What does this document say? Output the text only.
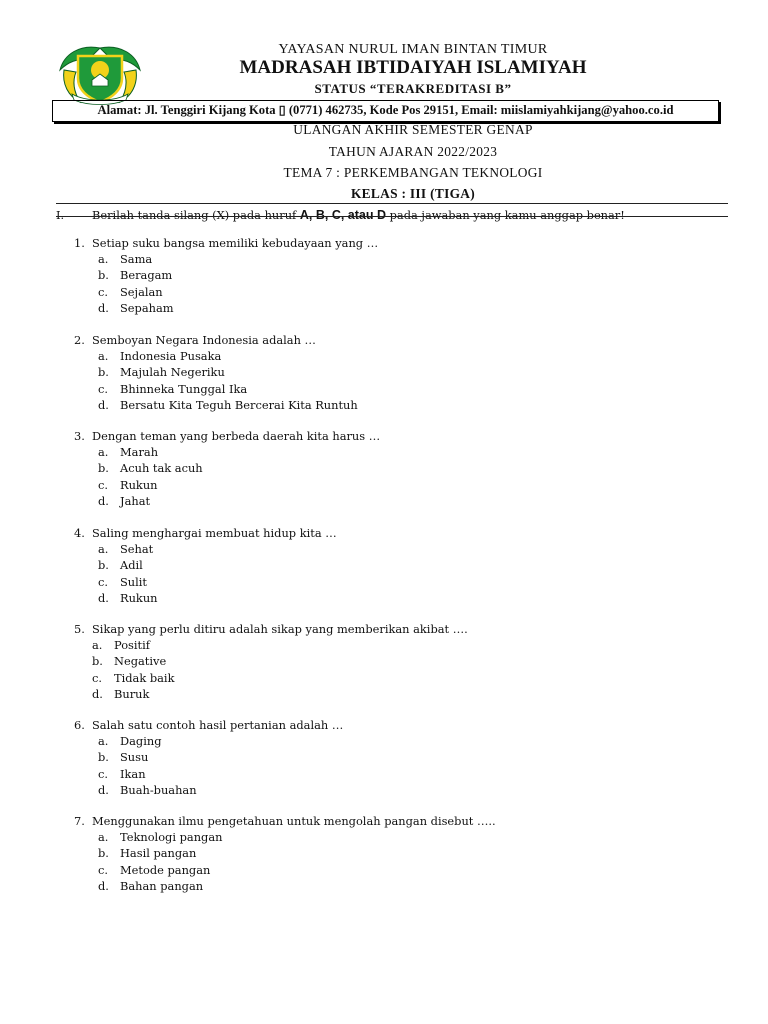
YAYASAN NURUL IMAN BINTAN TIMUR
MADRASAH IBTIDAIYAH ISLAMIYAH
STATUS “TERAKREDITASI B”
Alamat: Jl. Tenggiri Kijang Kota ▯ (0771) 462735, Kode Pos 29151, Email: miislamiyahkijang@yahoo.co.id
ULANGAN AKHIR SEMESTER GENAP
TAHUN AJARAN 2022/2023
TEMA 7 : PERKEMBANGAN TEKNOLOGI
KELAS : III (TIGA)
I. Berilah tanda silang (X) pada huruf A, B, C, atau D pada jawaban yang kamu anggap benar!
1. Setiap suku bangsa memiliki kebudayaan yang …
a.	Sama
b. Beragam
c.	Sejalan
d. Sepaham
2. Semboyan Negara Indonesia adalah …
a.	Indonesia Pusaka
b. Majulah Negeriku
c.	Bhinneka Tunggal Ika
d. Bersatu Kita Teguh Bercerai Kita Runtuh
3. Dengan teman yang berbeda daerah kita harus …
a.	Marah
b. Acuh tak acuh
c.	Rukun
d. Jahat
4. Saling menghargai membuat hidup kita …
a.	Sehat
b. Adil
c.	Sulit
d. Rukun
5. Sikap yang perlu ditiru adalah sikap yang memberikan akibat ….
a.	Positif
b. Negative
c.	Tidak baik
d. Buruk
6. Salah satu contoh hasil pertanian adalah …
a.	Daging
b. Susu
c.	Ikan
d. Buah-buahan
7. Menggunakan ilmu pengetahuan untuk mengolah pangan disebut …..
a.	Teknologi pangan
b. Hasil pangan
c.	Metode pangan
d. Bahan pangan
